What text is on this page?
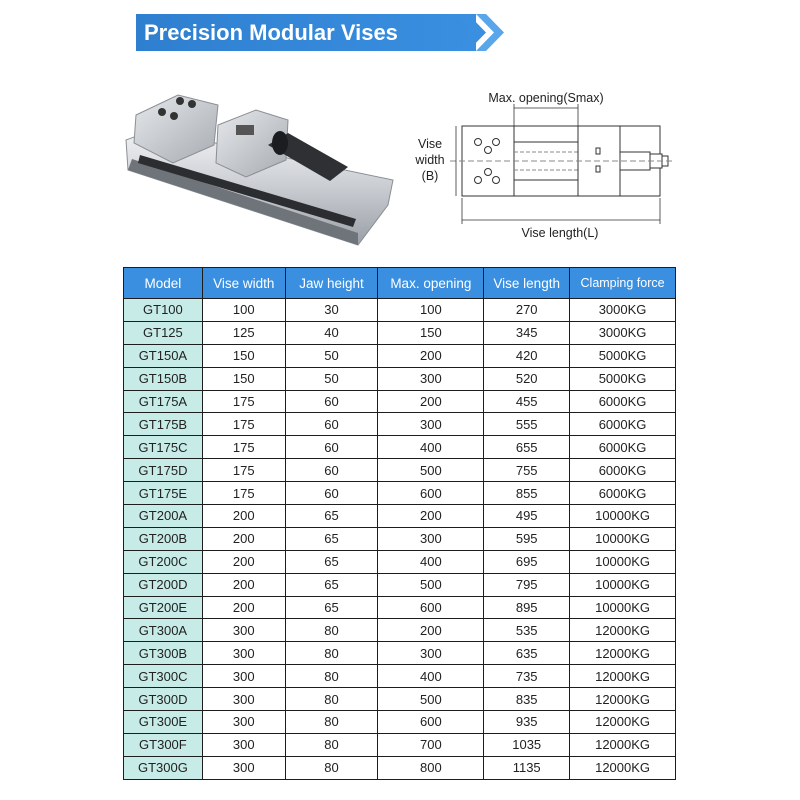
Precision Modular Vises
Max. opening(Smax)
Vise
width
(B)
Vise length(L)
Model	Vise width	Jaw height	Max. opening	Vise length	Clamping force
GT100	100	30	100	270	3000KG
GT125	125	40	150	345	3000KG
GT150A	150	50	200	420	5000KG
GT150B	150	50	300	520	5000KG
GT175A	175	60	200	455	6000KG
GT175B	175	60	300	555	6000KG
GT175C	175	60	400	655	6000KG
GT175D	175	60	500	755	6000KG
GT175E	175	60	600	855	6000KG
GT200A	200	65	200	495	10000KG
GT200B	200	65	300	595	10000KG
GT200C	200	65	400	695	10000KG
GT200D	200	65	500	795	10000KG
GT200E	200	65	600	895	10000KG
GT300A	300	80	200	535	12000KG
GT300B	300	80	300	635	12000KG
GT300C	300	80	400	735	12000KG
GT300D	300	80	500	835	12000KG
GT300E	300	80	600	935	12000KG
GT300F	300	80	700	1035	12000KG
GT300G	300	80	800	1135	12000KG
